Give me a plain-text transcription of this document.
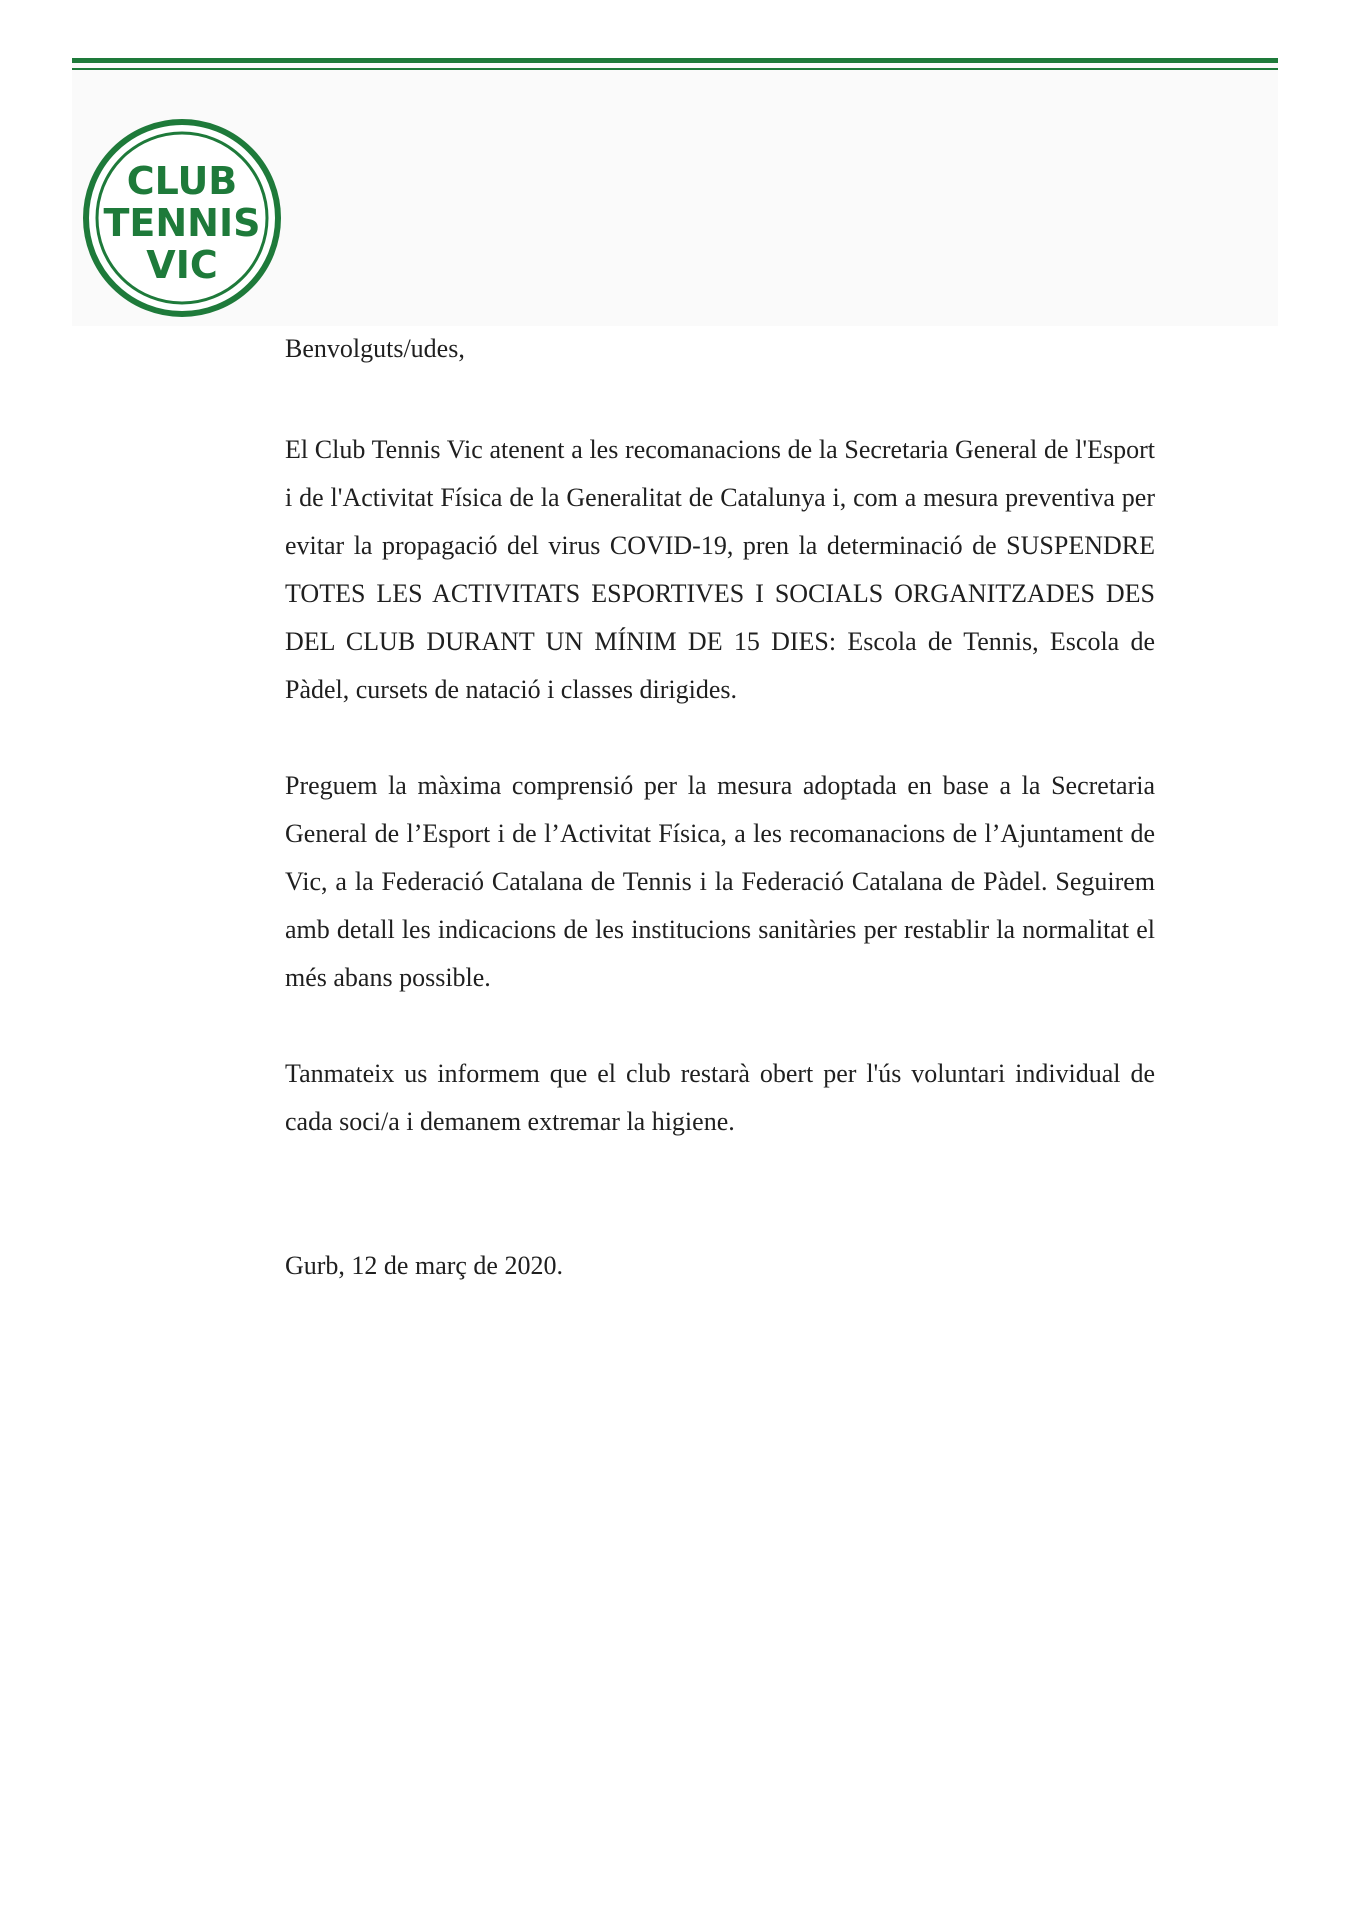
CLUB
TENNIS
VIC

Benvolguts/udes,

El Club Tennis Vic atenent a les recomanacions de la Secretaria General de l'Esport i de l'Activitat Física de la Generalitat de Catalunya i, com a mesura preventiva per evitar la propagació del virus COVID-19, pren la determinació de SUSPENDRE TOTES LES ACTIVITATS ESPORTIVES I SOCIALS ORGANITZADES DES DEL CLUB DURANT UN MÍNIM DE 15 DIES: Escola de Tennis, Escola de Pàdel, cursets de natació i classes dirigides.

Preguem la màxima comprensió per la mesura adoptada en base a la Secretaria General de l’Esport i de l’Activitat Física, a les recomanacions de l’Ajuntament de Vic, a la Federació Catalana de Tennis i la Federació Catalana de Pàdel. Seguirem amb detall les indicacions de les institucions sanitàries per restablir la normalitat el més abans possible.

Tanmateix us informem que el club restarà obert per l'ús voluntari individual de cada soci/a i demanem extremar la higiene.

Gurb, 12 de març de 2020.
